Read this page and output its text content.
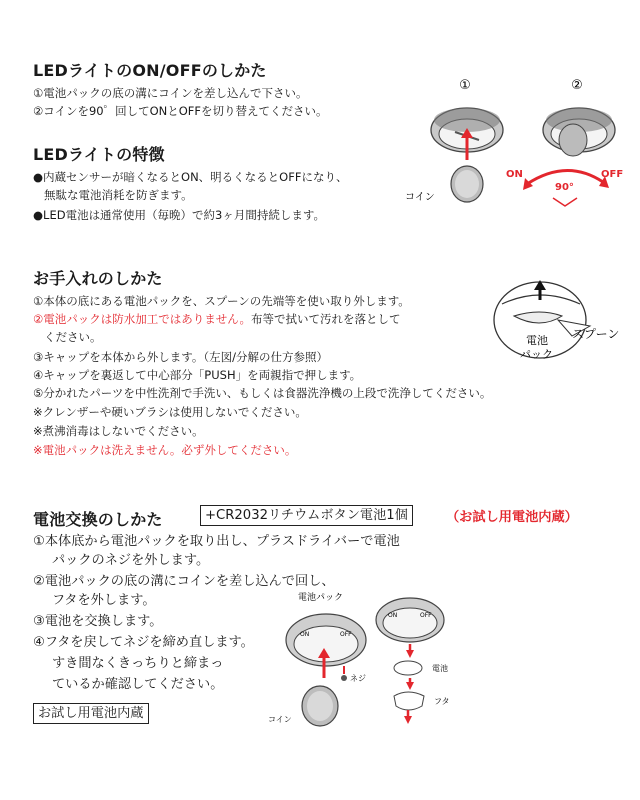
LEDライトのON/OFFのしかた
①電池パックの底の溝にコインを差し込んで下さい。
②コインを90゜回してONとOFFを切り替えてください。
LEDライトの特徴
●内蔵センサーが暗くなるとON、明るくなるとOFFになり、
無駄な電池消耗を防ぎます。
●LED電池は通常使用（毎晩）で約3ヶ月間持続します。
①	②
コイン
ON	OFF
90°
お手入れのしかた
①本体の底にある電池パックを、スプーンの先端等を使い取り外します。
②電池パックは防水加工ではありません。布等で拭いて汚れを落として
ください。
③キャップを本体から外します。（左図/分解の仕方参照）
④キャップを裏返して中心部分「PUSH」を両親指で押します。
⑤分かれたパーツを中性洗剤で手洗い、もしくは食器洗浄機の上段で洗浄してください。
※クレンザーや硬いブラシは使用しないでください。
※煮沸消毒はしないでください。
※電池パックは洗えません。必ず外してください。
電池
パック
スプーン
電池交換のしかた	+CR2032リチウムボタン電池1個	（お試し用電池内蔵）
①本体底から電池パックを取り出し、プラスドライバーで電池
パックのネジを外します。
②電池パックの底の溝にコインを差し込んで回し、
フタを外します。
③電池を交換します。
④フタを戻してネジを締め直します。
すき間なくきっちりと締まっ
ているか確認してください。
お試し用電池内蔵
電池パック
ON	OFF
ネジ
コイン
ON	OFF
電池
フタ
